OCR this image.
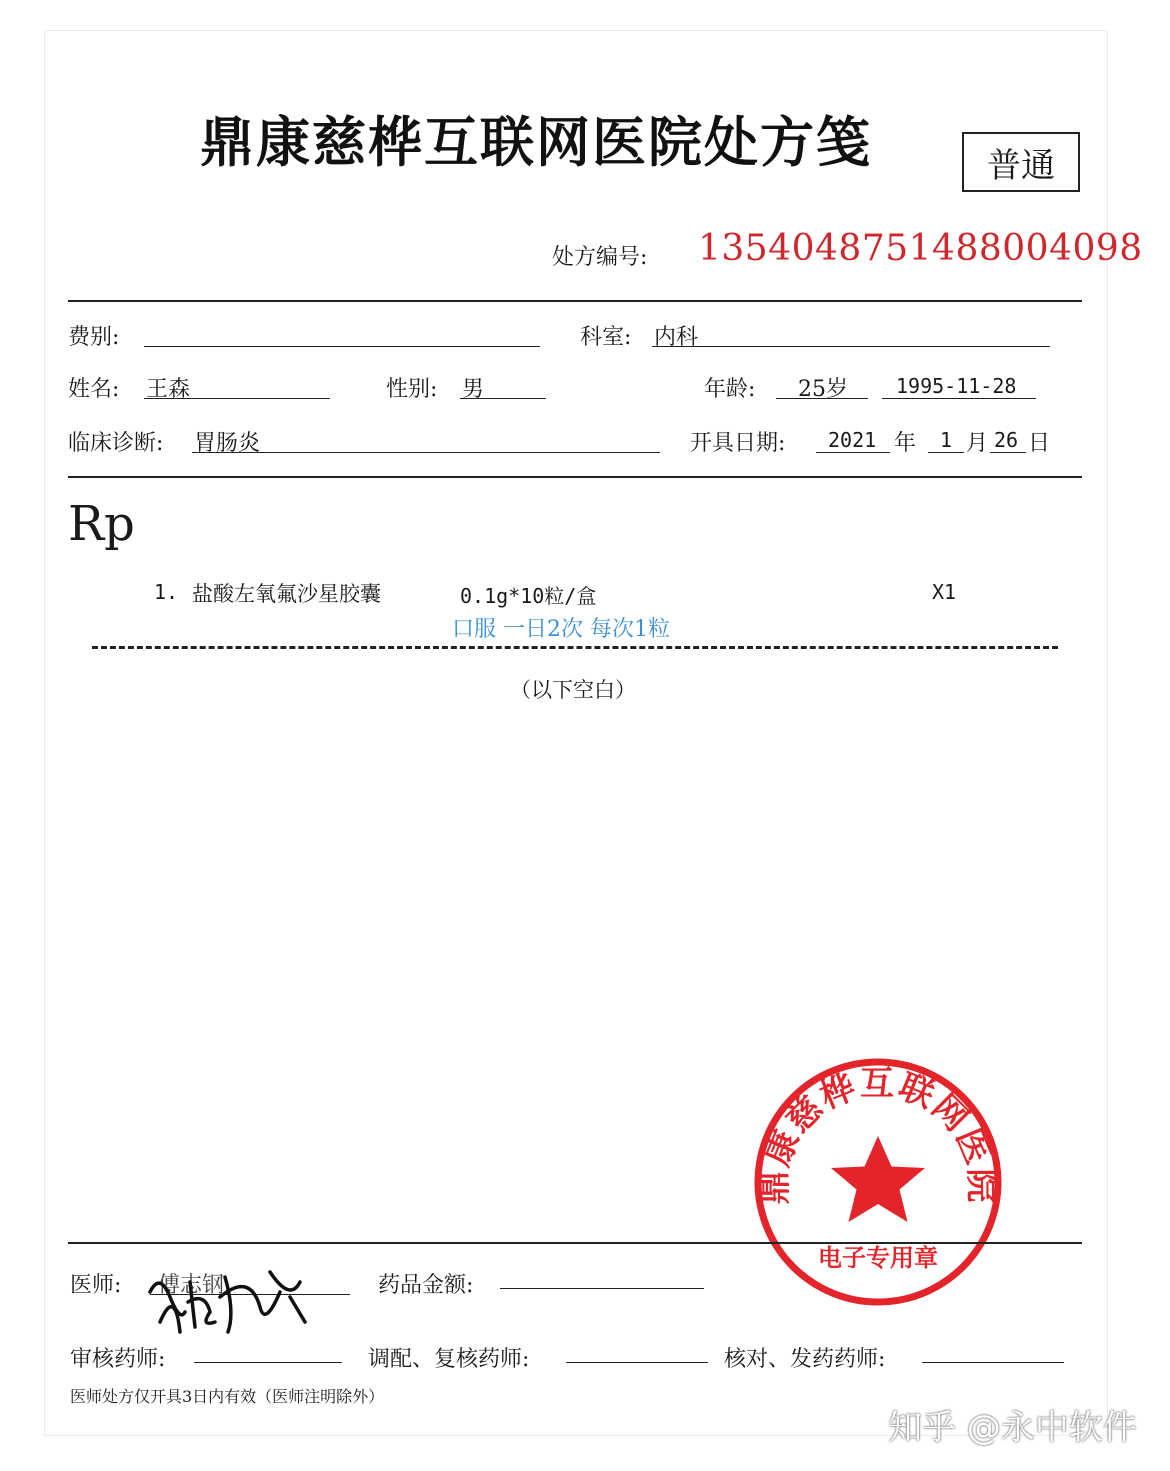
鼎康慈桦互联网医院处方笺	普通
处方编号: 1354048751488004098
费别:	科室: 内科
姓名: 王森	性别: 男	年龄: 25岁 1995-11-28
临床诊断: 胃肠炎	开具日期: 2021 年 1 月 26 日
Rp
1. 盐酸左氧氟沙星胶囊	0.1g*10粒/盒	X1
口服 一日2次 每次1粒
（以下空白）
鼎康慈桦互联网医院
电子专用章
医师: 傅志钢	药品金额:
审核药师:	调配、复核药师:	核对、发药药师:
医师处方仅开具3日内有效（医师注明除外）
知乎 @永中软件
